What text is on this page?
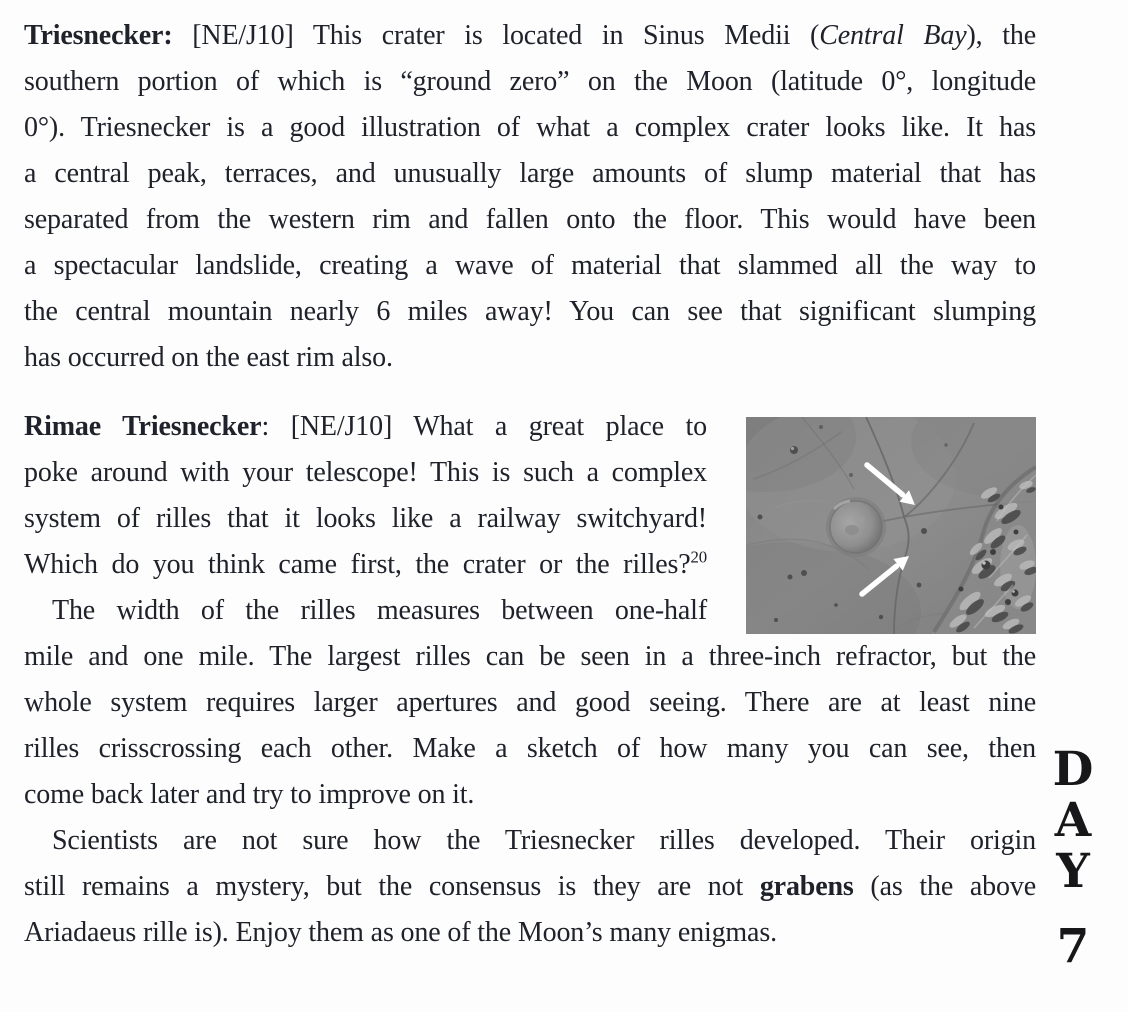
Triesnecker: [NE/J10] This crater is located in Sinus Medii (Central Bay), the
southern portion of which is “ground zero” on the Moon (latitude 0°, longitude
0°). Triesnecker is a good illustration of what a complex crater looks like. It has
a central peak, terraces, and unusually large amounts of slump material that has
separated from the western rim and fallen onto the floor. This would have been
a spectacular landslide, creating a wave of material that slammed all the way to
the central mountain nearly 6 miles away! You can see that significant slumping
has occurred on the east rim also.
Rimae Triesnecker: [NE/J10] What a great place to
poke around with your telescope! This is such a complex
system of rilles that it looks like a railway switchyard!
Which do you think came first, the crater or the rilles?$^{20}$
The width of the rilles measures between one-half
mile and one mile. The largest rilles can be seen in a three-inch refractor, but the
whole system requires larger apertures and good seeing. There are at least nine
rilles crisscrossing each other. Make a sketch of how many you can see, then
come back later and try to improve on it.
Scientists are not sure how the Triesnecker rilles developed. Their origin
still remains a mystery, but the consensus is they are not grabens (as the above
Ariadaeus rille is). Enjoy them as one of the Moon’s many enigmas.
D
A
Y
7
